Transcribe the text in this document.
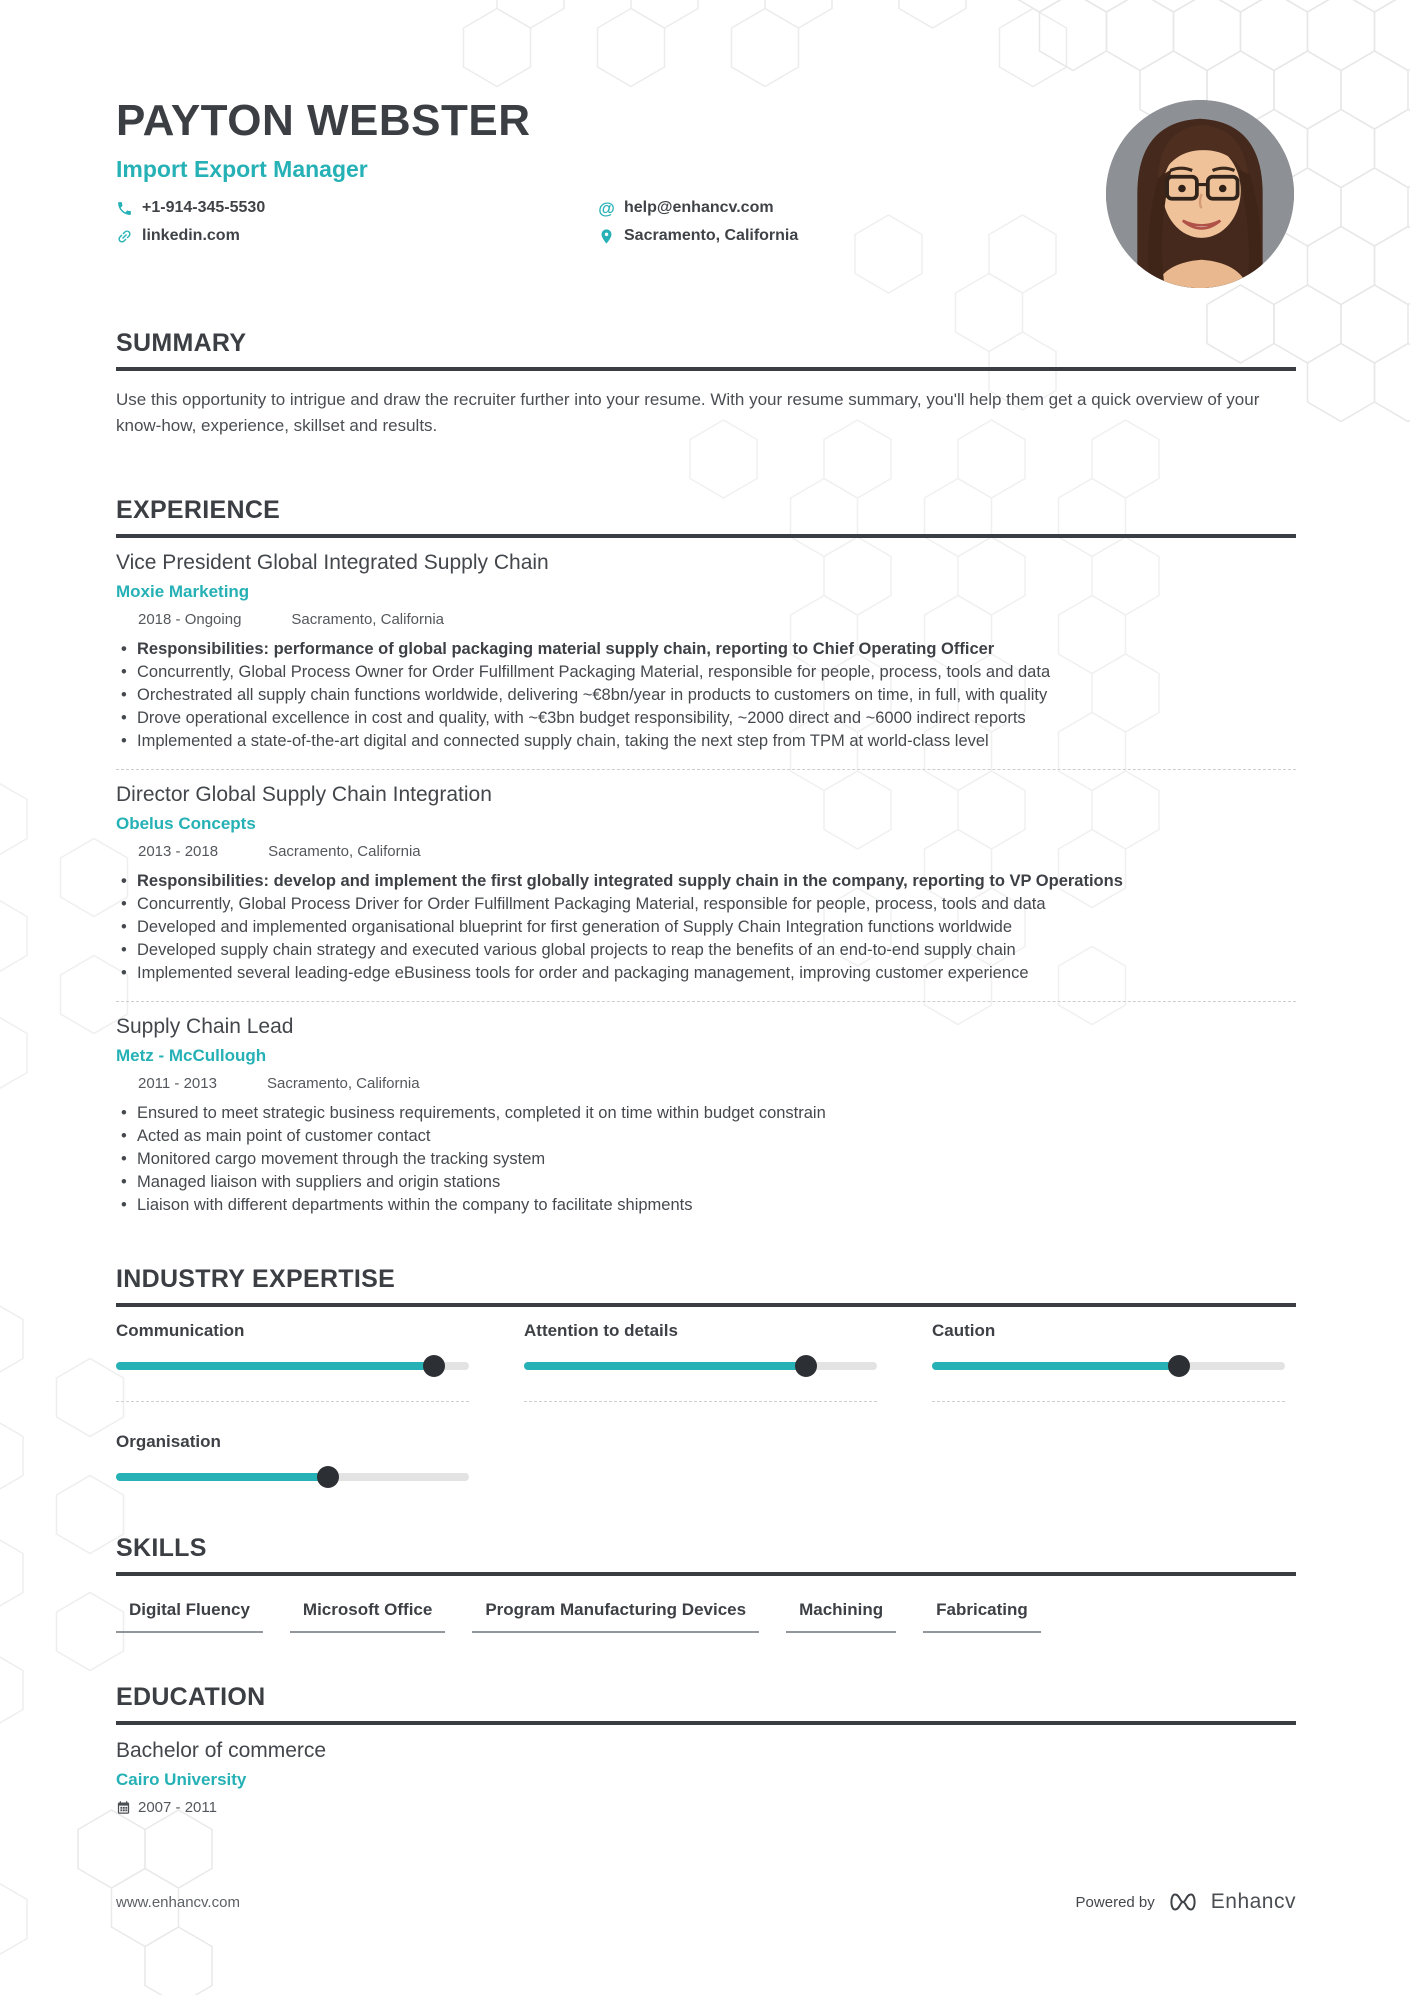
PAYTON WEBSTER
Import Export Manager
+1-914-345-5530	@ help@enhancv.com
linkedin.com	Sacramento, California
SUMMARY
Use this opportunity to intrigue and draw the recruiter further into your resume. With your resume summary, you'll help them get a quick overview of your know-how, experience, skillset and results.
EXPERIENCE
Vice President Global Integrated Supply Chain
Moxie Marketing
2018 - Ongoing	Sacramento, California
• Responsibilities: performance of global packaging material supply chain, reporting to Chief Operating Officer
• Concurrently, Global Process Owner for Order Fulfillment Packaging Material, responsible for people, process, tools and data
• Orchestrated all supply chain functions worldwide, delivering ~€8bn/year in products to customers on time, in full, with quality
• Drove operational excellence in cost and quality, with ~€3bn budget responsibility, ~2000 direct and ~6000 indirect reports
• Implemented a state-of-the-art digital and connected supply chain, taking the next step from TPM at world-class level
Director Global Supply Chain Integration
Obelus Concepts
2013 - 2018	Sacramento, California
• Responsibilities: develop and implement the first globally integrated supply chain in the company, reporting to VP Operations
• Concurrently, Global Process Driver for Order Fulfillment Packaging Material, responsible for people, process, tools and data
• Developed and implemented organisational blueprint for first generation of Supply Chain Integration functions worldwide
• Developed supply chain strategy and executed various global projects to reap the benefits of an end-to-end supply chain
• Implemented several leading-edge eBusiness tools for order and packaging management, improving customer experience
Supply Chain Lead
Metz - McCullough
2011 - 2013	Sacramento, California
• Ensured to meet strategic business requirements, completed it on time within budget constrain
• Acted as main point of customer contact
• Monitored cargo movement through the tracking system
• Managed liaison with suppliers and origin stations
• Liaison with different departments within the company to facilitate shipments
INDUSTRY EXPERTISE
Communication	Attention to details	Caution
Organisation
SKILLS
Digital Fluency	Microsoft Office	Program Manufacturing Devices	Machining	Fabricating
EDUCATION
Bachelor of commerce
Cairo University
2007 - 2011
www.enhancv.com	Powered by	Enhancv
